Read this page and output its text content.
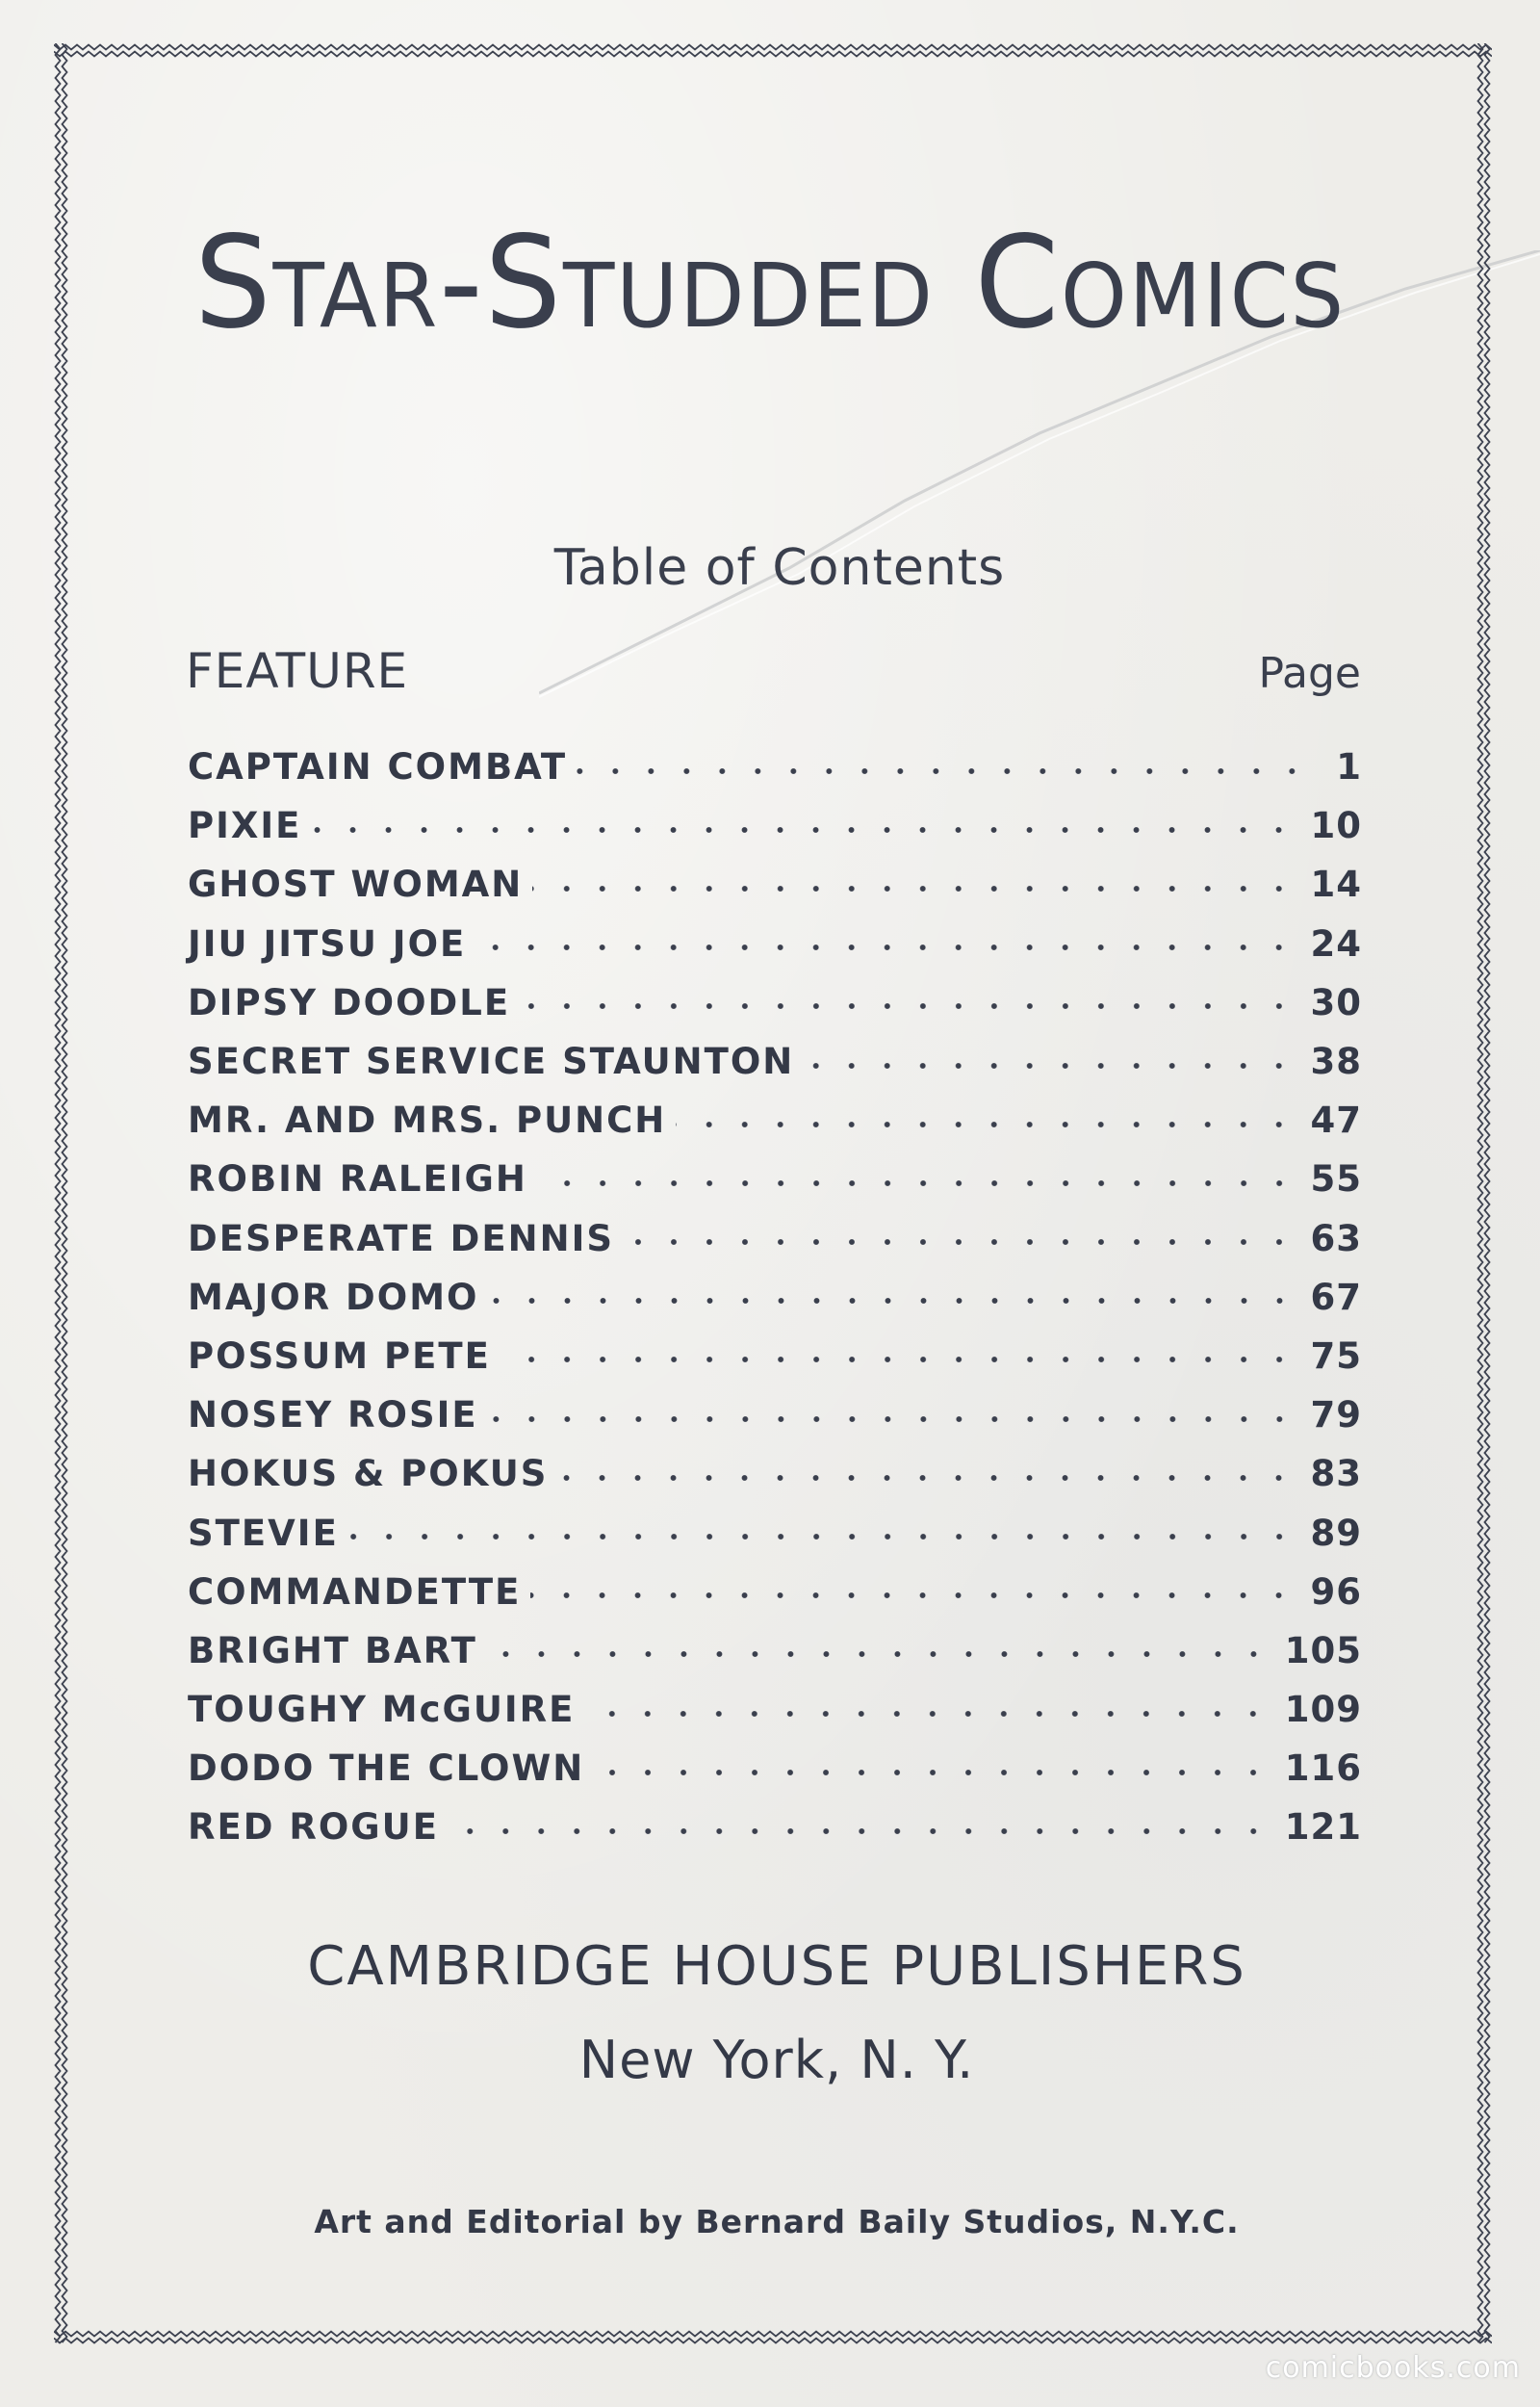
Star-Studded Comics
Table of Contents
FEATURE	Page
CAPTAIN COMBAT	1
PIXIE	10
GHOST WOMAN	14
JIU JITSU JOE	24
DIPSY DOODLE	30
SECRET SERVICE STAUNTON	38
MR. AND MRS. PUNCH	47
ROBIN RALEIGH	55
DESPERATE DENNIS	63
MAJOR DOMO	67
POSSUM PETE	75
NOSEY ROSIE	79
HOKUS & POKUS	83
STEVIE	89
COMMANDETTE	96
BRIGHT BART	105
TOUGHY McGUIRE	109
DODO THE CLOWN	116
RED ROGUE	121
CAMBRIDGE HOUSE PUBLISHERS
New York, N. Y.
Art and Editorial by Bernard Baily Studios, N.Y.C.
comicbooks.com
